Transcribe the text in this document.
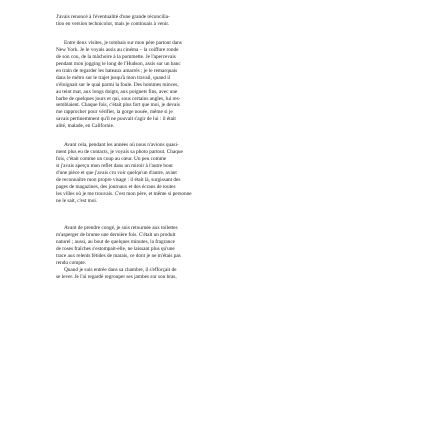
J'avais renoncé à l'éventualité d'une grande réconcilia-
tion en version technicolor, mais je continuais à venir.
Entre deux visites, je tombais sur mon père partout dans
New York. Je le voyais assis au cinéma – la coiffure ronde
de son cou, de la mâchoire à la pommette. Je l'apercevais
pendant mon jogging le long de l'Hudson, assis sur un banc
en train de regarder les bateaux amarrés ; je le remarquais
dans le métro sur le trajet jusqu'à mon travail, quand il
s'éloignait sur le quai parmi la foule. Des hommes minces,
au teint mat, aux longs doigts, aux poignets fins, avec une
barbe de quelques jours et qui, sous certains angles, lui res-
semblaient. Chaque fois, c'était plus fort que moi, je devais
me rapprocher pour vérifier, la gorge nouée, même si je
savais pertinemment qu'il ne pouvait s'agir de lui : il était
alité, malade, en Californie.
Avant cela, pendant les années où nous n'avions quasi-
ment plus eu de contacts, je voyais sa photo partout. Chaque
fois, c'était comme un coup au cœur. Un peu comme
si j'avais aperçu mon reflet dans un miroir à l'autre bout
d'une pièce et que j'avais cru voir quelqu'un d'autre, avant
de reconnaître mon propre visage : il était là, surgissant des
pages de magazines, des journaux et des écrans de toutes
les villes où je me trouvais. C'est mon père, et même si personne
ne le sait, c'est moi.
Avant de prendre congé, je suis retournée aux toilettes
m'asperger de brume une dernière fois. C'était un produit
naturel ; aussi, au bout de quelques minutes, la fragrance
de roses fraîches s'estompait-elle, ne laissant plus qu'une
trace aux relents fétides de marais, ce dont je ne m'étais pas
rendu compte.
Quand je suis entrée dans sa chambre, il s'efforçait de
se lever. Je l'ai regardé regrouper ses jambes sur son bras,
